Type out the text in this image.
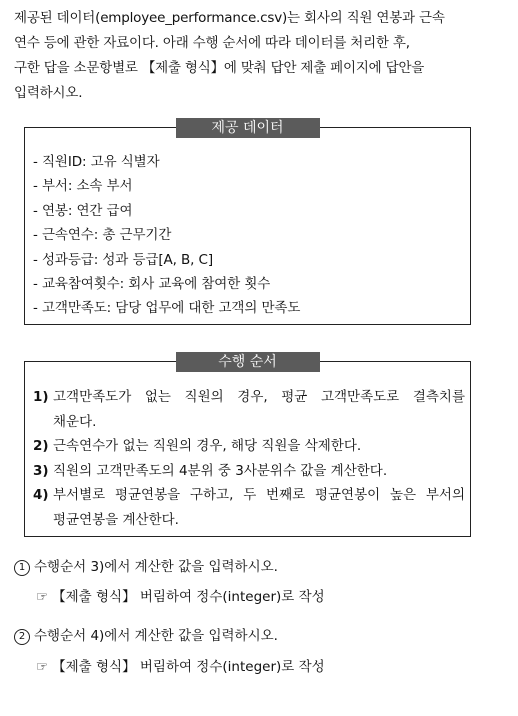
제공된 데이터(employee_performance.csv)는 회사의 직원 연봉과 근속
연수 등에 관한 자료이다. 아래 수행 순서에 따라 데이터를 처리한 후,
구한 답을 소문항별로 【제출 형식】에 맞춰 답안 제출 페이지에 답안을
입력하시오.
제공 데이터
- 직원ID: 고유 식별자
- 부서: 소속 부서
- 연봉: 연간 급여
- 근속연수: 총 근무기간
- 성과등급: 성과 등급[A, B, C]
- 교육참여횟수: 회사 교육에 참여한 횟수
- 고객만족도: 담당 업무에 대한 고객의 만족도
수행 순서
1) 고객만족도가 없는 직원의 경우, 평균 고객만족도로 결측치를
채운다.
2) 근속연수가 없는 직원의 경우, 해당 직원을 삭제한다.
3) 직원의 고객만족도의 4분위 중 3사분위수 값을 계산한다.
4) 부서별로 평균연봉을 구하고, 두 번째로 평균연봉이 높은 부서의
평균연봉을 계산한다.
1 수행순서 3)에서 계산한 값을 입력하시오.
☞ 【제출 형식】 버림하여 정수(integer)로 작성
2 수행순서 4)에서 계산한 값을 입력하시오.
☞ 【제출 형식】 버림하여 정수(integer)로 작성
